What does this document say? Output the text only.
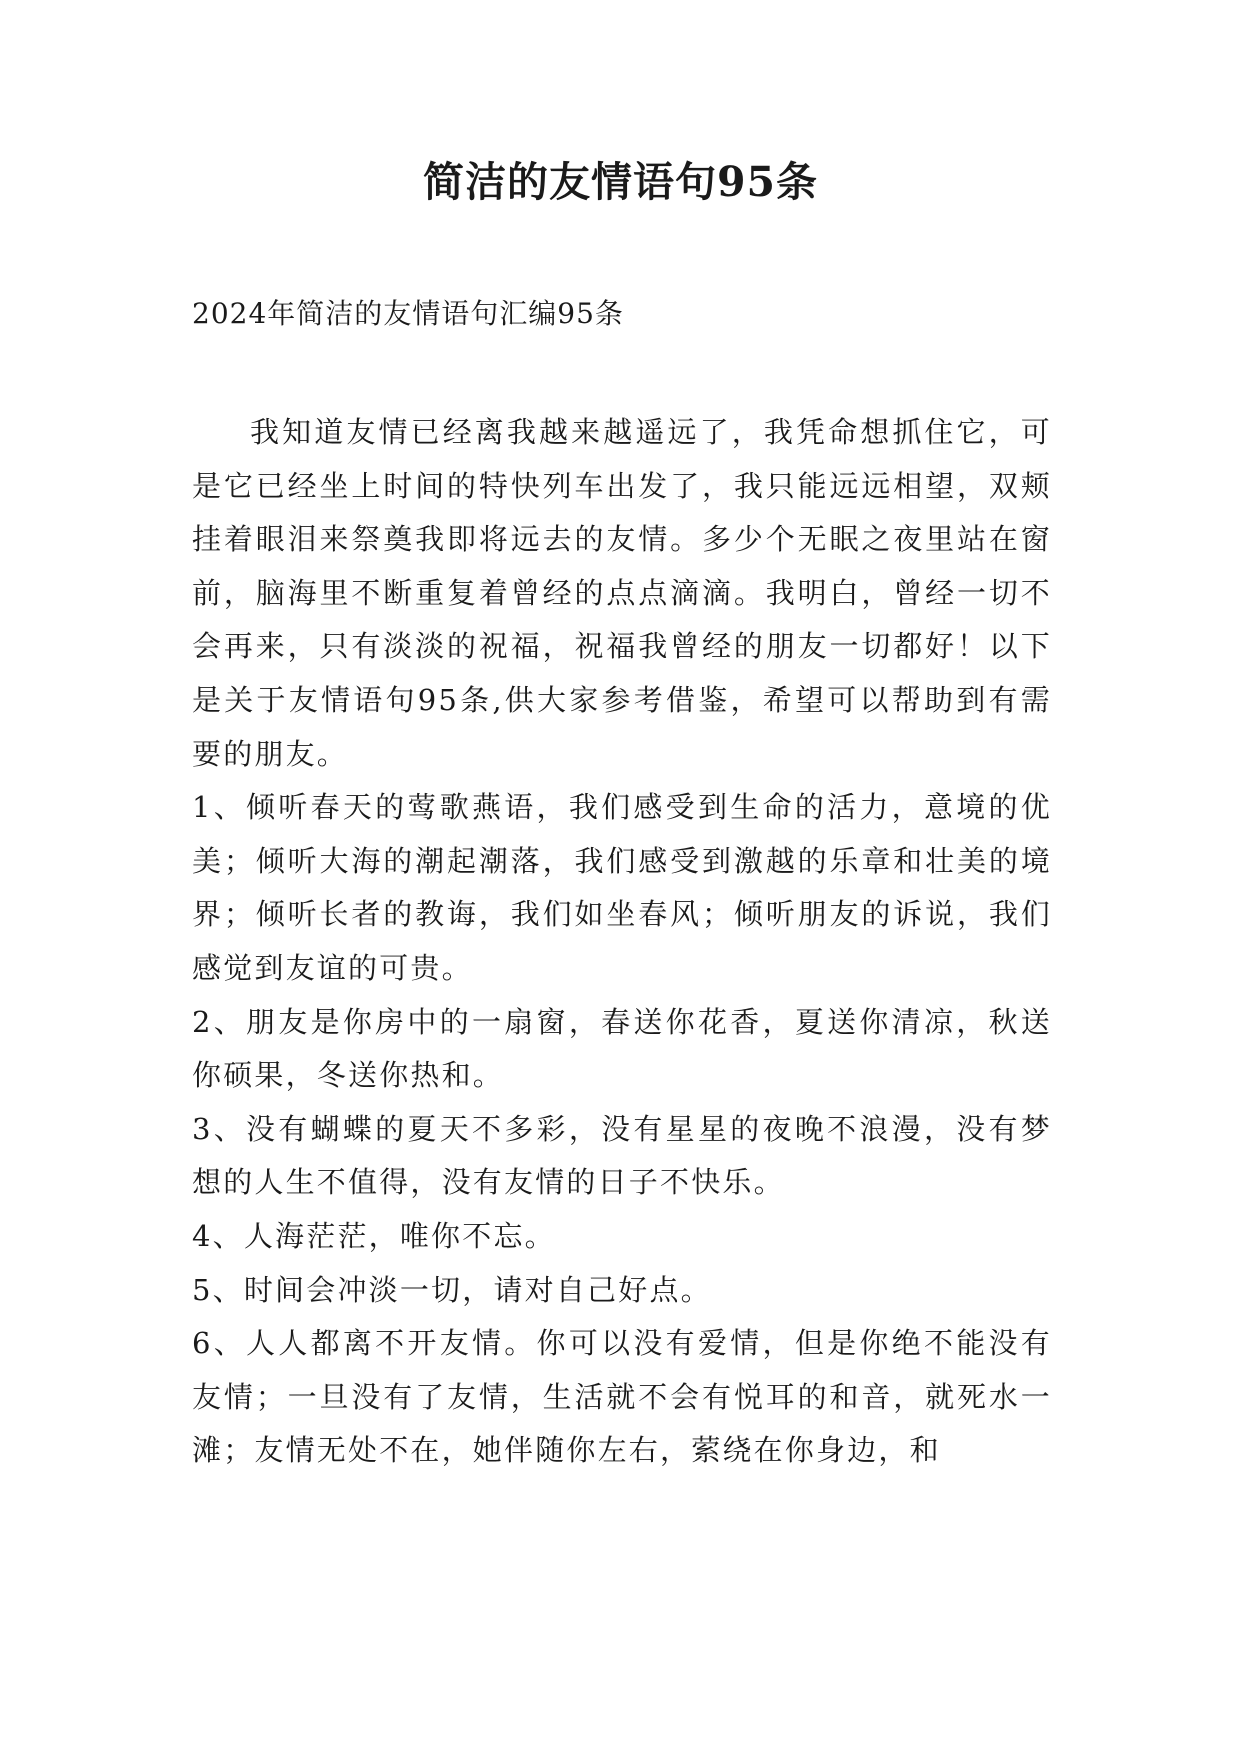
简洁的友情语句95条
2024年简洁的友情语句汇编95条

我知道友情已经离我越来越遥远了，我凭命想抓住它，可是它已经坐上时间的特快列车出发了，我只能远远相望，双颊挂着眼泪来祭奠我即将远去的友情。多少个无眠之夜里站在窗前，脑海里不断重复着曾经的点点滴滴。我明白，曾经一切不会再来，只有淡淡的祝福，祝福我曾经的朋友一切都好！以下是关于友情语句95条,供大家参考借鉴，希望可以帮助到有需要的朋友。

1、倾听春天的莺歌燕语，我们感受到生命的活力，意境的优美；倾听大海的潮起潮落，我们感受到激越的乐章和壮美的境界；倾听长者的教诲，我们如坐春风；倾听朋友的诉说，我们感觉到友谊的可贵。

2、朋友是你房中的一扇窗，春送你花香，夏送你清凉，秋送你硕果，冬送你热和。

3、没有蝴蝶的夏天不多彩，没有星星的夜晚不浪漫，没有梦想的人生不值得，没有友情的日子不快乐。

4、人海茫茫，唯你不忘。

5、时间会冲淡一切，请对自己好点。

6、人人都离不开友情。你可以没有爱情，但是你绝不能没有友情；一旦没有了友情，生活就不会有悦耳的和音，就死水一滩；友情无处不在，她伴随你左右，萦绕在你身边，和
